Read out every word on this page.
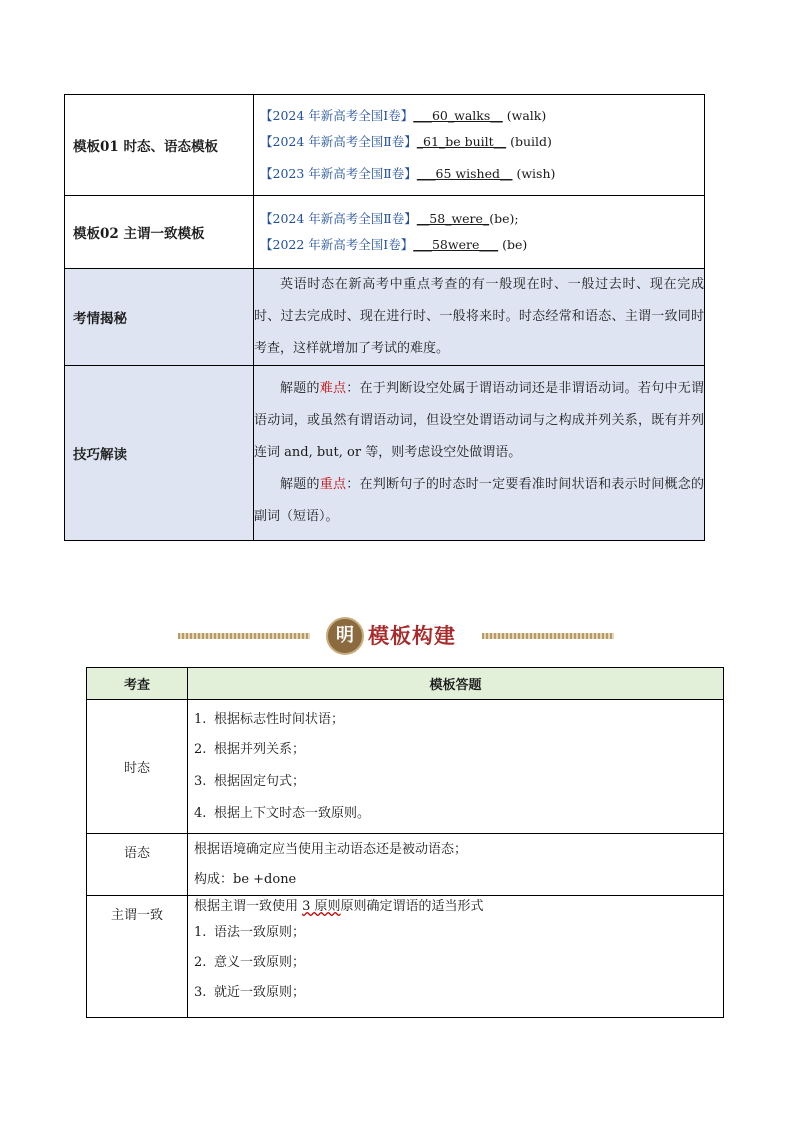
模板01 时态、语态模板	【2024 年新高考全国Ⅰ卷】___60_walks__ (walk)
【2024 年新高考全国Ⅱ卷】_61_be built__ (build)
【2023 年新高考全国Ⅱ卷】___65 wished__ (wish)

模板02 主谓一致模板	【2024 年新高考全国Ⅱ卷】__58_were_(be);
【2022 年新高考全国Ⅰ卷】___58were___ (be)

考情揭秘	英语时态在新高考中重点考查的有一般现在时、一般过去时、现在完成时、过去完成时、现在进行时、一般将来时。时态经常和语态、主谓一致同时考查，这样就增加了考试的难度。

技巧解读	解题的难点：在于判断设空处属于谓语动词还是非谓语动词。若句中无谓语动词，或虽然有谓语动词，但设空处谓语动词与之构成并列关系，既有并列连词 and, but, or 等，则考虑设空处做谓语。

解题的重点：在判断句子的时态时一定要看准时间状语和表示时间概念的副词（短语）。

明 模板构建
考查	模板答题
时态	1. 根据标志性时间状语；
2. 根据并列关系；
3. 根据固定句式；
4. 根据上下文时态一致原则。

语态	根据语境确定应当使用主动语态还是被动语态；
构成：be +done

主谓一致	根据主谓一致使用 3 原则原则确定谓语的适当形式
1. 语法一致原则；
2. 意义一致原则；
3. 就近一致原则；
